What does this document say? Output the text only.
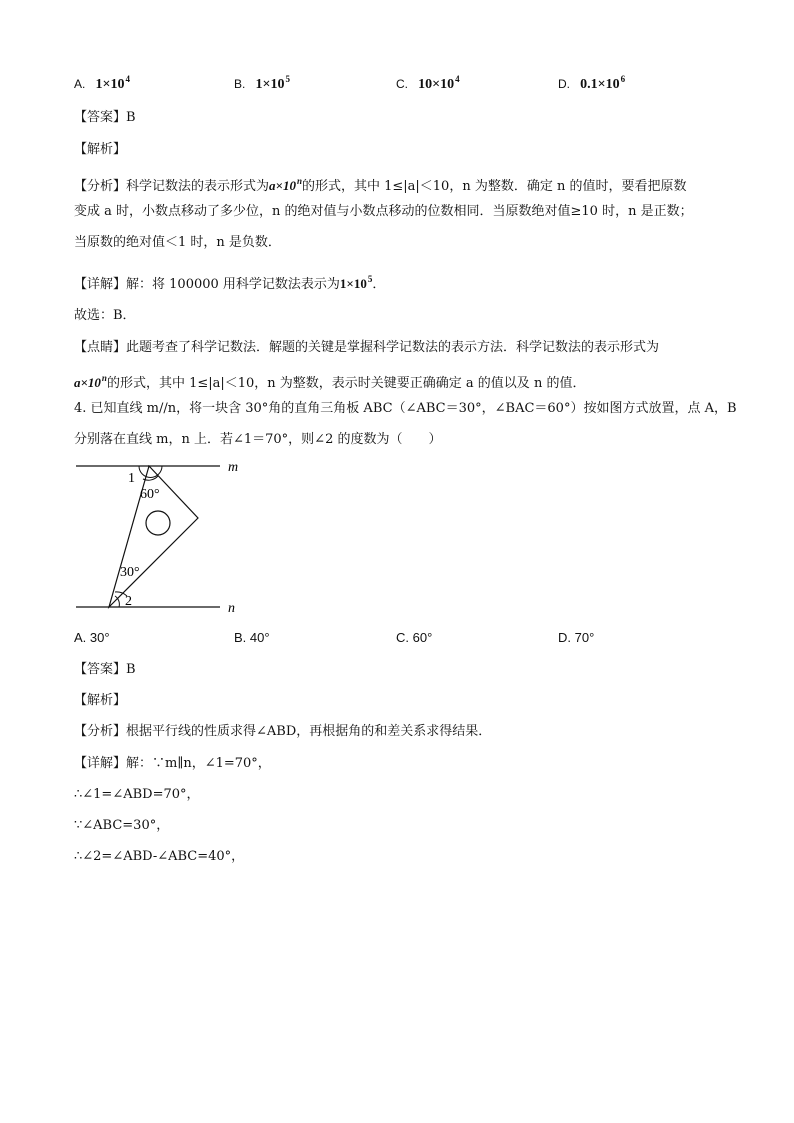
A. $1\times 10^4$	B. $1\times 10^5$	C. $10\times 10^4$	D. $0.1\times 10^6$
【答案】B
【解析】
【分析】科学记数法的表示形式为$a\times 10^n$的形式，其中 1≤|a|＜10，n 为整数．确定 n 的值时，要看把原数
变成 a 时，小数点移动了多少位，n 的绝对值与小数点移动的位数相同．当原数绝对值≥10 时，n 是正数；
当原数的绝对值＜1 时，n 是负数．
【详解】解：将 100000 用科学记数法表示为$1\times 10^5$．
故选：B．
【点睛】此题考查了科学记数法．解题的关键是掌握科学记数法的表示方法．科学记数法的表示形式为
$a\times 10^n$的形式，其中 1≤|a|＜10，n 为整数，表示时关键要正确确定 a 的值以及 n 的值．
4. 已知直线 m//n，将一块含 30°角的直角三角板 ABC（∠ABC＝30°，∠BAC＝60°）按如图方式放置，点 A，B
分别落在直线 m，n 上．若∠1＝70°，则∠2 的度数为（　　）
1
60°
30°
2
m
n
A. 30°	B. 40°	C. 60°	D. 70°
【答案】B
【解析】
【分析】根据平行线的性质求得∠ABD，再根据角的和差关系求得结果．
【详解】解：∵m∥n，∠1=70°，
∴∠1=∠ABD=70°，
∵∠ABC=30°，
∴∠2=∠ABD-∠ABC=40°，
